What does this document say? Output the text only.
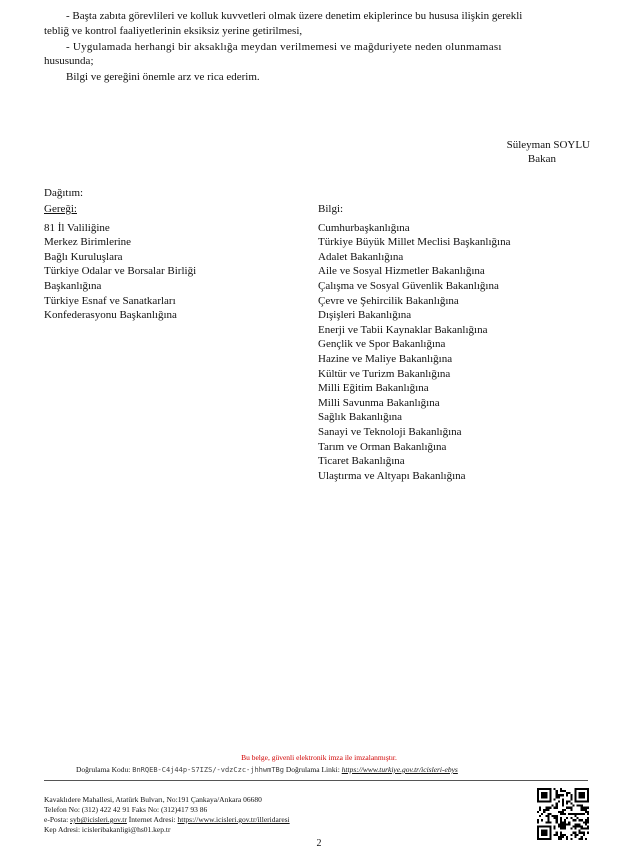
- Başta zabıta görevlileri ve kolluk kuvvetleri olmak üzere denetim ekiplerince bu hususa ilişkin gerekli
tebliğ ve kontrol faaliyetlerinin eksiksiz yerine getirilmesi,
- Uygulamada herhangi bir aksaklığa meydan verilmemesi ve mağduriyete neden olunmaması
hususunda;
Bilgi ve gereğini önemle arz ve rica ederim.
Süleyman SOYLU
Bakan
Dağıtım:
Gereği:
81 İl Valiliğine
Merkez Birimlerine
Bağlı Kuruluşlara
Türkiye Odalar ve Borsalar Birliği
Başkanlığına
Türkiye Esnaf ve Sanatkarları
Konfederasyonu Başkanlığına
Bilgi:
Cumhurbaşkanlığına
Türkiye Büyük Millet Meclisi Başkanlığına
Adalet Bakanlığına
Aile ve Sosyal Hizmetler Bakanlığına
Çalışma ve Sosyal Güvenlik Bakanlığına
Çevre ve Şehircilik Bakanlığına
Dışişleri Bakanlığına
Enerji ve Tabii Kaynaklar Bakanlığına
Gençlik ve Spor Bakanlığına
Hazine ve Maliye Bakanlığına
Kültür ve Turizm Bakanlığına
Milli Eğitim Bakanlığına
Milli Savunma Bakanlığına
Sağlık Bakanlığına
Sanayi ve Teknoloji Bakanlığına
Tarım ve Orman Bakanlığına
Ticaret Bakanlığına
Ulaştırma ve Altyapı Bakanlığına
Bu belge, güvenli elektronik imza ile imzalanmıştır.
Doğrulama Kodu: BnRQEB-C4j44p-S7IZS/-vdzCzc-jhhwmTBg Doğrulama Linki: https://www.turkiye.gov.tr/icisleri-ebys
Kavaklıdere Mahallesi, Atatürk Bulvarı, No:191 Çankaya/Ankara 06680
Telefon No: (312) 422 42 91 Faks No: (312)417 93 86
e-Posta: syb@icisleri.gov.tr İnternet Adresi: https://www.icisleri.gov.tr/illeridaresi
Kep Adresi: icisleribakanligi@hs01.kep.tr
2
